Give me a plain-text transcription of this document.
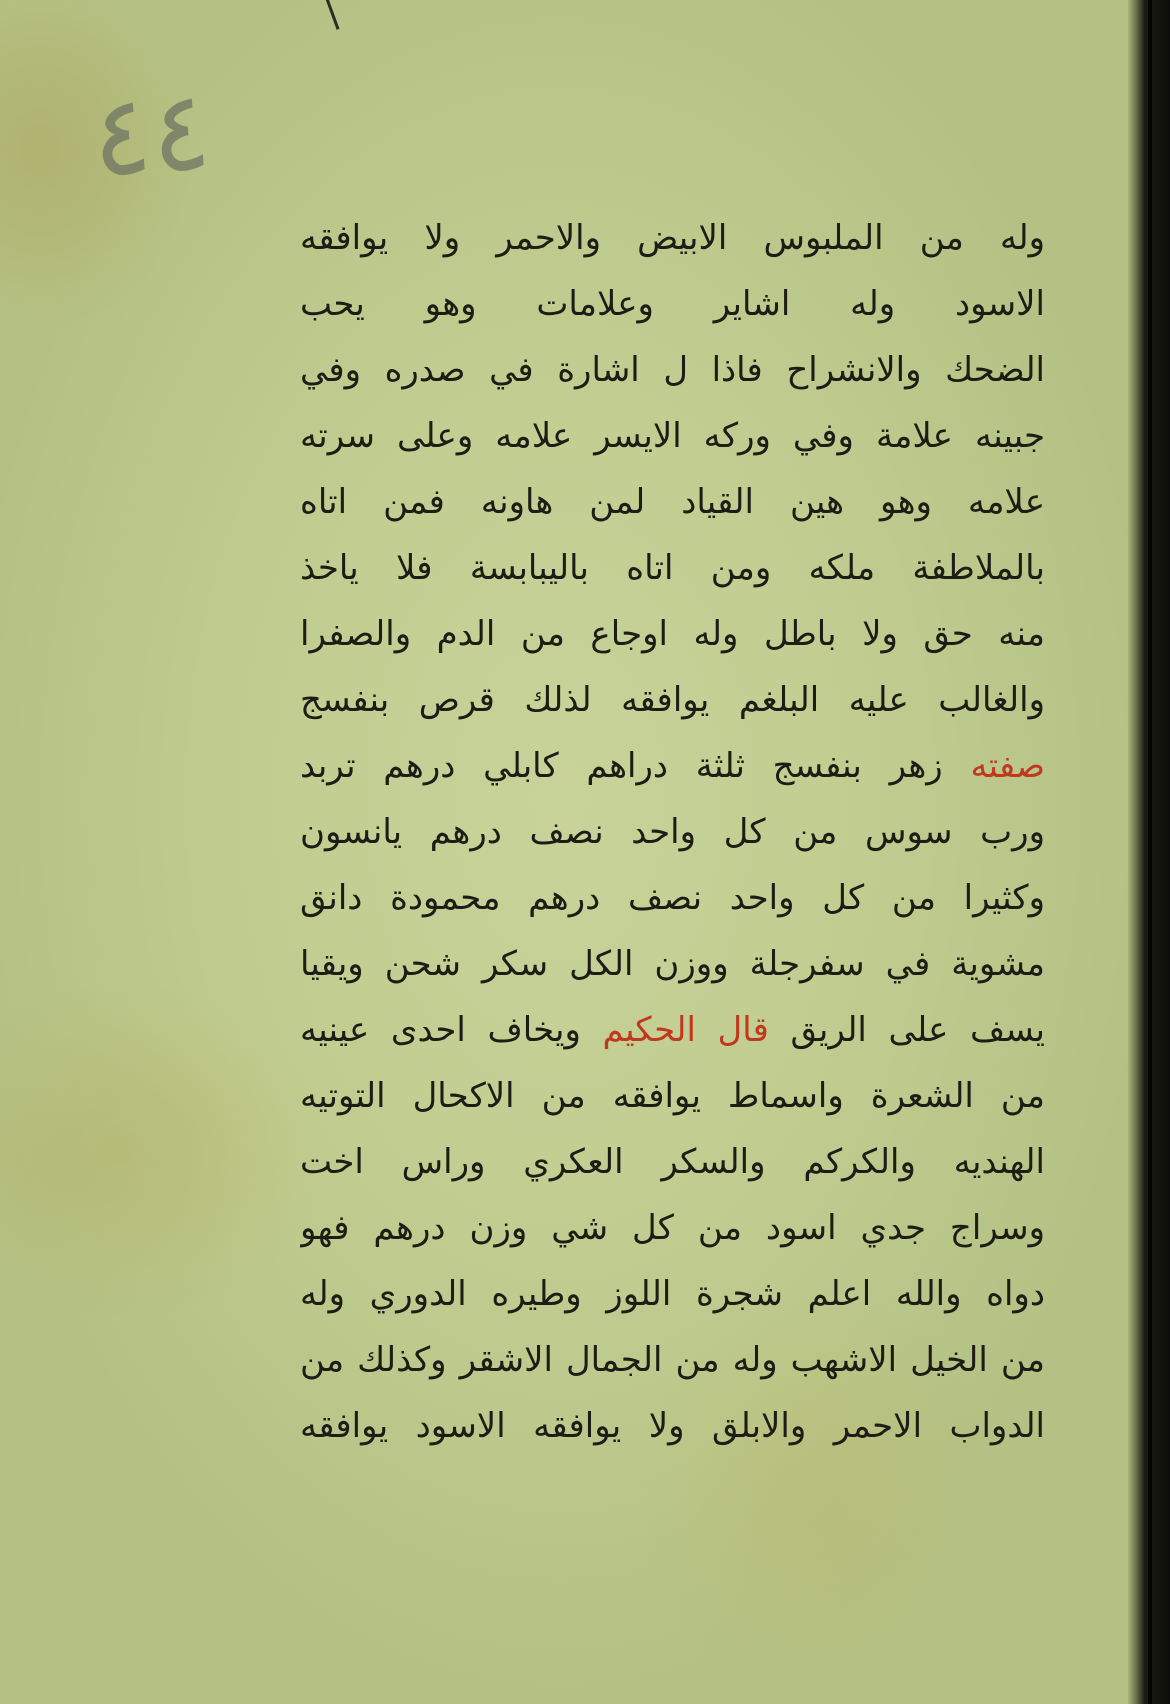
٤٤
وله من الملبوس الابيض والاحمر ولا يوافقه
الاسود وله اشاير وعلامات وهو يحب
الضحك والانشراح فاذا ل اشارة في صدره وفي
جبينه علامة وفي وركه الايسر علامه وعلى سرته
علامه وهو هين القياد لمن هاونه فمن اتاه
بالملاطفة ملكه ومن اتاه باليبابسة فلا ياخذ
منه حق ولا باطل وله اوجاع من الدم والصفرا
والغالب عليه البلغم يوافقه لذلك قرص بنفسج
صفته زهر بنفسج ثلثة دراهم كابلي درهم تربد
ورب سوس من كل واحد نصف درهم يانسون
وكثيرا من كل واحد نصف درهم محمودة دانق
مشوية في سفرجلة ووزن الكل سكر شحن ويقيا
يسف على الريق قال الحكيم ويخاف احدى عينيه
من الشعرة واسماط يوافقه من الاكحال التوتيه
الهنديه والكركم والسكر العكري وراس اخت
وسراج جدي اسود من كل شي وزن درهم فهو
دواه والله اعلم شجرة اللوز وطيره الدوري وله
من الخيل الاشهب وله من الجمال الاشقر وكذلك من
الدواب الاحمر والابلق ولا يوافقه الاسود يوافقه
